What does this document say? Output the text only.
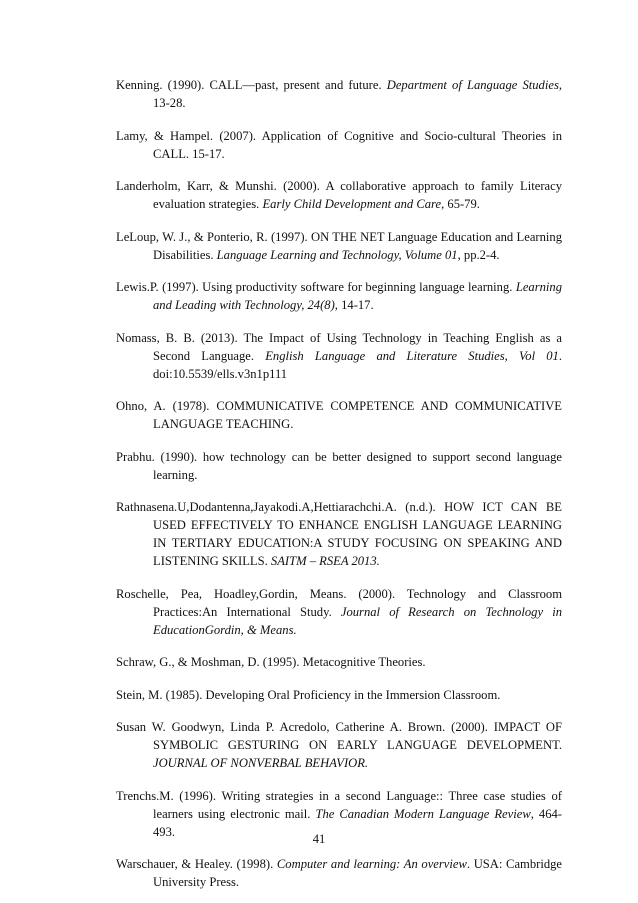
Kenning. (1990). CALL—past, present and future. Department of Language Studies, 13-28.
Lamy, & Hampel. (2007). Application of Cognitive and Socio-cultural Theories in CALL. 15-17.
Landerholm, Karr, & Munshi. (2000). A collaborative approach to family Literacy evaluation strategies. Early Child Development and Care, 65-79.
LeLoup, W. J., & Ponterio, R. (1997). ON THE NET Language Education and Learning Disabilities. Language Learning and Technology, Volume 01, pp.2-4.
Lewis.P. (1997). Using productivity software for beginning language learning. Learning and Leading with Technology, 24(8), 14-17.
Nomass, B. B. (2013). The Impact of Using Technology in Teaching English as a Second Language. English Language and Literature Studies, Vol 01. doi:10.5539/ells.v3n1p111
Ohno, A. (1978). COMMUNICATIVE COMPETENCE AND COMMUNICATIVE LANGUAGE TEACHING.
Prabhu. (1990). how technology can be better designed to support second language learning.
Rathnasena.U,Dodantenna,Jayakodi.A,Hettiarachchi.A. (n.d.). HOW ICT CAN BE USED EFFECTIVELY TO ENHANCE ENGLISH LANGUAGE LEARNING IN TERTIARY EDUCATION:A STUDY FOCUSING ON SPEAKING AND LISTENING SKILLS. SAITM – RSEA 2013.
Roschelle, Pea, Hoadley,Gordin, Means. (2000). Technology and Classroom Practices:An International Study. Journal of Research on Technology in EducationGordin, & Means.
Schraw, G., & Moshman, D. (1995). Metacognitive Theories.
Stein, M. (1985). Developing Oral Proficiency in the Immersion Classroom.
Susan W. Goodwyn, Linda P. Acredolo, Catherine A. Brown. (2000). IMPACT OF SYMBOLIC GESTURING ON EARLY LANGUAGE DEVELOPMENT. JOURNAL OF NONVERBAL BEHAVIOR.
Trenchs.M. (1996). Writing strategies in a second Language:: Three case studies of learners using electronic mail. The Canadian Modern Language Review, 464-493.
Warschauer, & Healey. (1998). Computer and learning: An overview. USA: Cambridge University Press.
41
